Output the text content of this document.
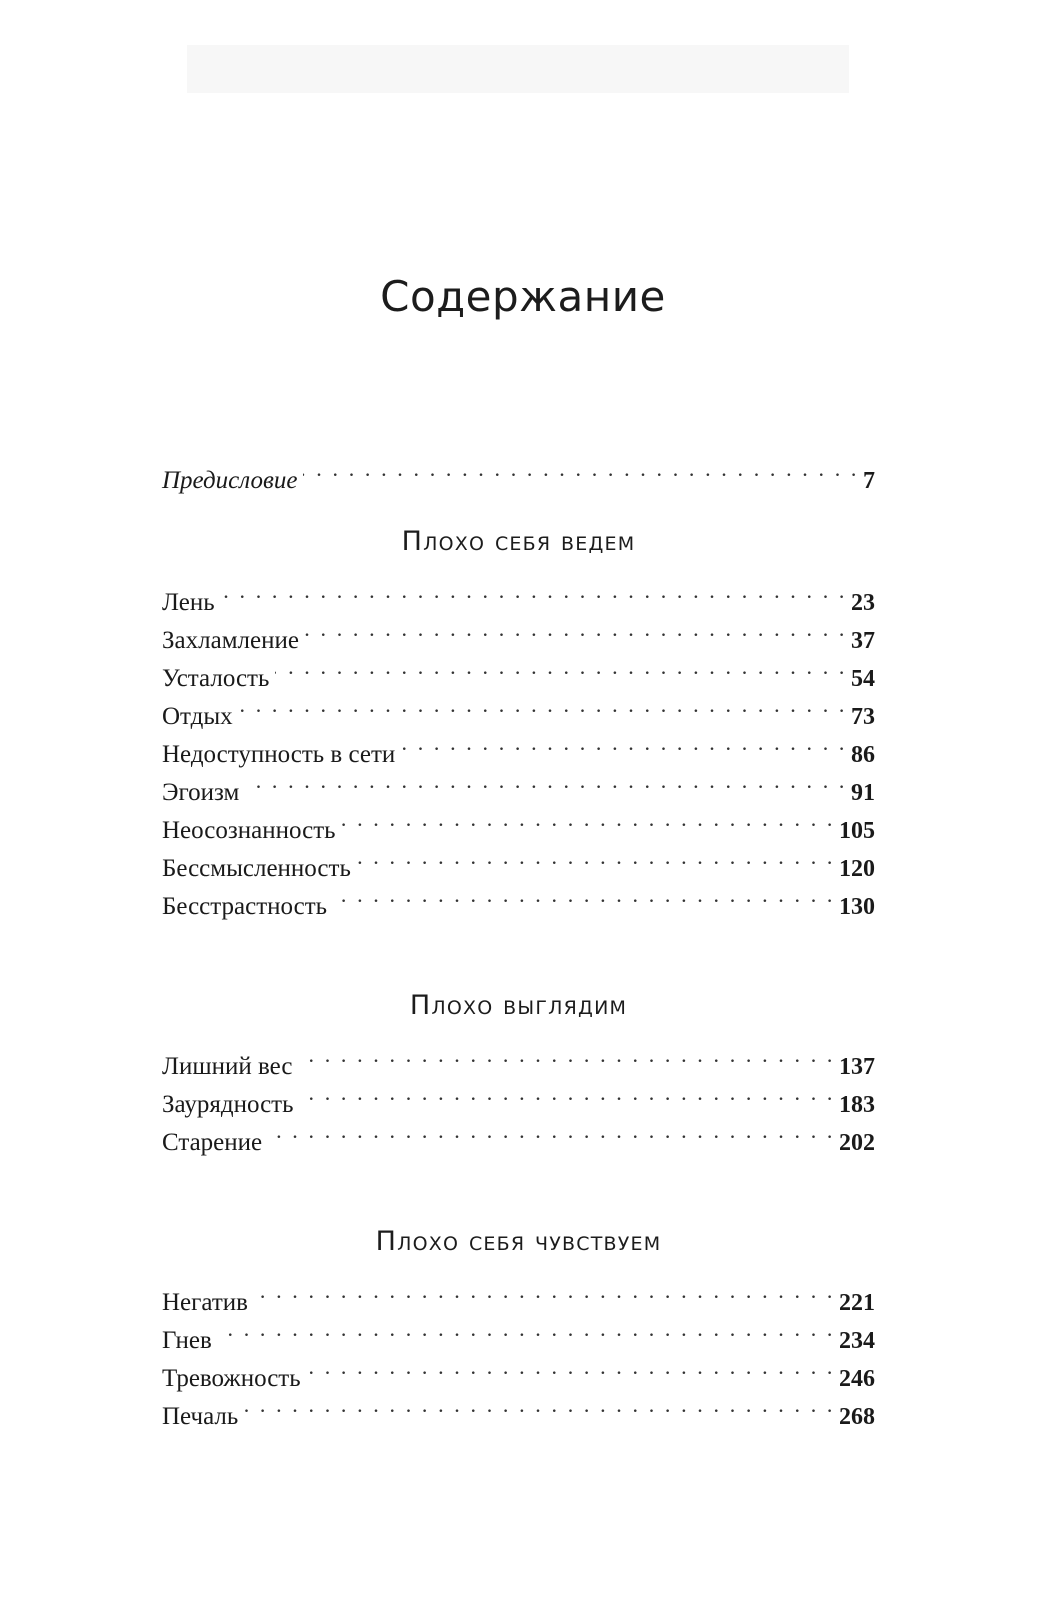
Содержание
Предисловие . . .	7
Плохо себя ведем
Лень . . .	23
Захламление . . .	37
Усталость . . .	54
Отдых . . .	73
Недоступность в сети . . .	86
Эгоизм . . .	91
Неосознанность . . .	105
Бессмысленность . . .	120
Бесстрастность . . .	130
Плохо выглядим
Лишний вес . . .	137
Заурядность . . .	183
Старение . . .	202
Плохо себя чувствуем
Негатив . . .	221
Гнев . . .	234
Тревожность . . .	246
Печаль . . .	268
